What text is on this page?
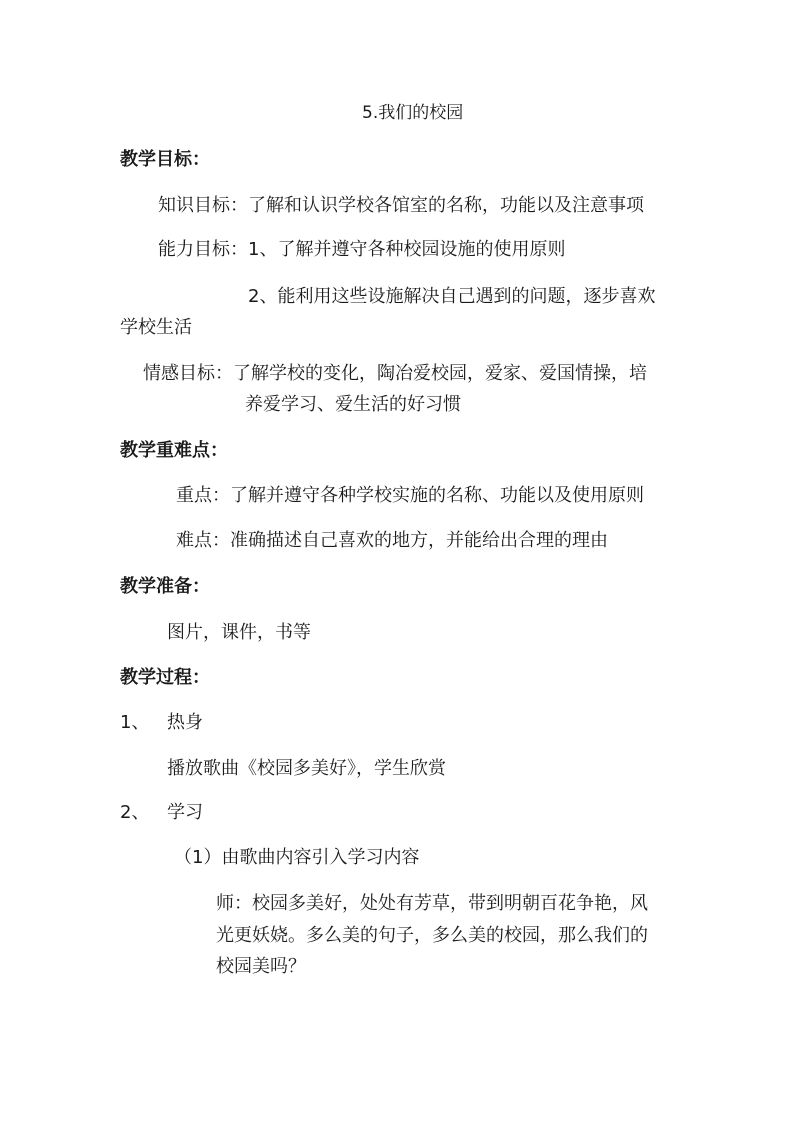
5.我们的校园
教学目标：
知识目标：了解和认识学校各馆室的名称，功能以及注意事项
能力目标：1、了解并遵守各种校园设施的使用原则
2、能利用这些设施解决自己遇到的问题，逐步喜欢
学校生活
情感目标：了解学校的变化，陶冶爱校园，爱家、爱国情操，培
养爱学习、爱生活的好习惯
教学重难点：
重点：了解并遵守各种学校实施的名称、功能以及使用原则
难点：准确描述自己喜欢的地方，并能给出合理的理由
教学准备：
图片，课件，书等
教学过程：
1、 热身
播放歌曲《校园多美好》，学生欣赏
2、 学习
（1）由歌曲内容引入学习内容
师：校园多美好，处处有芳草，带到明朝百花争艳，风
光更妖娆。多么美的句子，多么美的校园，那么我们的
校园美吗？
